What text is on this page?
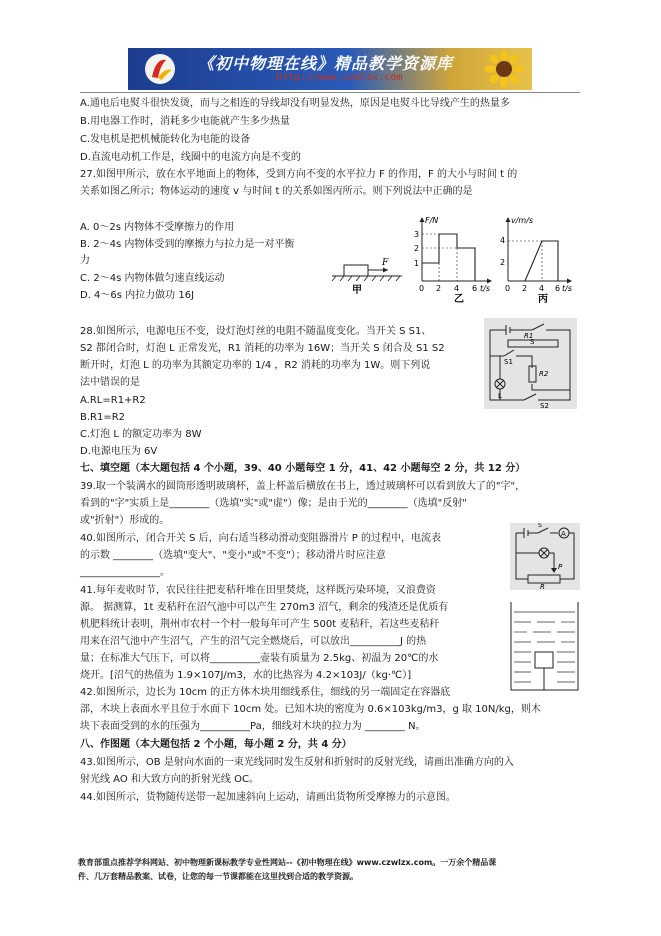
《初中物理在线》精品教学资源库
http://www.czwlzx.com
A.通电后电熨斗很快发烫，而与之相连的导线却没有明显发热，原因是电熨斗比导线产生的热量多
B.用电器工作时，消耗多少电能就产生多少热量
C.发电机是把机械能转化为电能的设备
D.直流电动机工作是，线圈中的电流方向是不变的
27.如图甲所示，放在水平地面上的物体，受到方向不变的水平拉力 F 的作用，F 的大小与时间 t 的
关系如图乙所示；物体运动的速度 v 与时间 t 的关系如图丙所示。则下列说法中正确的是
A. 0～2s 内物体不受摩擦力的作用
B. 2～4s 内物体受到的摩擦力与拉力是一对平衡
力
C. 2～4s 内物体做匀速直线运动
D. 4～6s 内拉力做功 16J
28.如图所示，电源电压不变，设灯泡灯丝的电阻不随温度变化。当开关 S S1、
S2 都闭合时，灯泡 L 正常发光，R1 消耗的功率为 16W；当开关 S 闭合及 S1 S2
断开时，灯泡 L 的功率为其额定功率的 1/4 ，R2 消耗的功率为 1W。则下列说
法中错误的是
A.RL=R1+R2
B.R1=R2
C.灯泡 L 的额定功率为 8W
D.电源电压为 6V
七、填空题（本大题包括 4 个小题，39、40 小题每空 1 分，41、42 小题每空 2 分，共 12 分）
39.取一个装满水的圆筒形透明玻璃杯，盖上杯盖后横放在书上，透过玻璃杯可以看到放大了的"字"，
看到的"字"实质上是________（选填"实"或"虚"）像；是由于光的________（选填"反射"
或"折射"）形成的。
40.如图所示，闭合开关 S 后，向右适当移动滑动变阻器滑片 P 的过程中，电流表
的示数 ________（选填"变大"、"变小"或"不变"）；移动滑片时应注意
________________。
41.每年麦收时节，农民往往把麦秸秆堆在田里焚烧，这样既污染环境，又浪费资
源。 据测算，1t 麦秸秆在沼气池中可以产生 270m3 沼气，剩余的残渣还是优质有
机肥料统计表明，荆州市农村一个村一般每年可产生 500t 麦秸秆，若这些麦秸秆
用来在沼气池中产生沼气，产生的沼气完全燃烧后，可以放出__________J 的热
量；在标准大气压下，可以将__________壶装有质量为 2.5kg、初温为 20℃的水
烧开。[沼气的热值为 1.9×107J/m3，水的比热容为 4.2×103J/（kg·℃）]
42.如图所示，边长为 10cm 的正方体木块用细线系住，细线的另一端固定在容器底
部，木块上表面水平且位于水面下 10cm 处。已知木块的密度为 0.6×103kg/m3，g 取 10N/kg，则木
块下表面受到的水的压强为__________Pa，细线对木块的拉力为 ________ N。
八、作图题（本大题包括 2 个小题，每小题 2 分，共 4 分）
43.如图所示，OB 是射向水面的一束光线同时发生反射和折射时的反射光线，请画出准确方向的入
射光线 AO 和大致方向的折射光线 OC。
44.如图所示，货物随传送带一起加速斜向上运动，请画出货物所受摩擦力的示意图。
F
甲
F/N
3
2
1
0 2 4 6 t/s
乙
v/m/s
4
2
0 2 4 6 t/s
丙
S
S1
R1
R2
L
S2
A
S
P
R
教育部重点推荐学科网站、初中物理新课标教学专业性网站--《初中物理在线》www.czwlzx.com。一万余个精品课
件、几万套精品教案、试卷，让您的每一节课都能在这里找到合适的教学资源。
